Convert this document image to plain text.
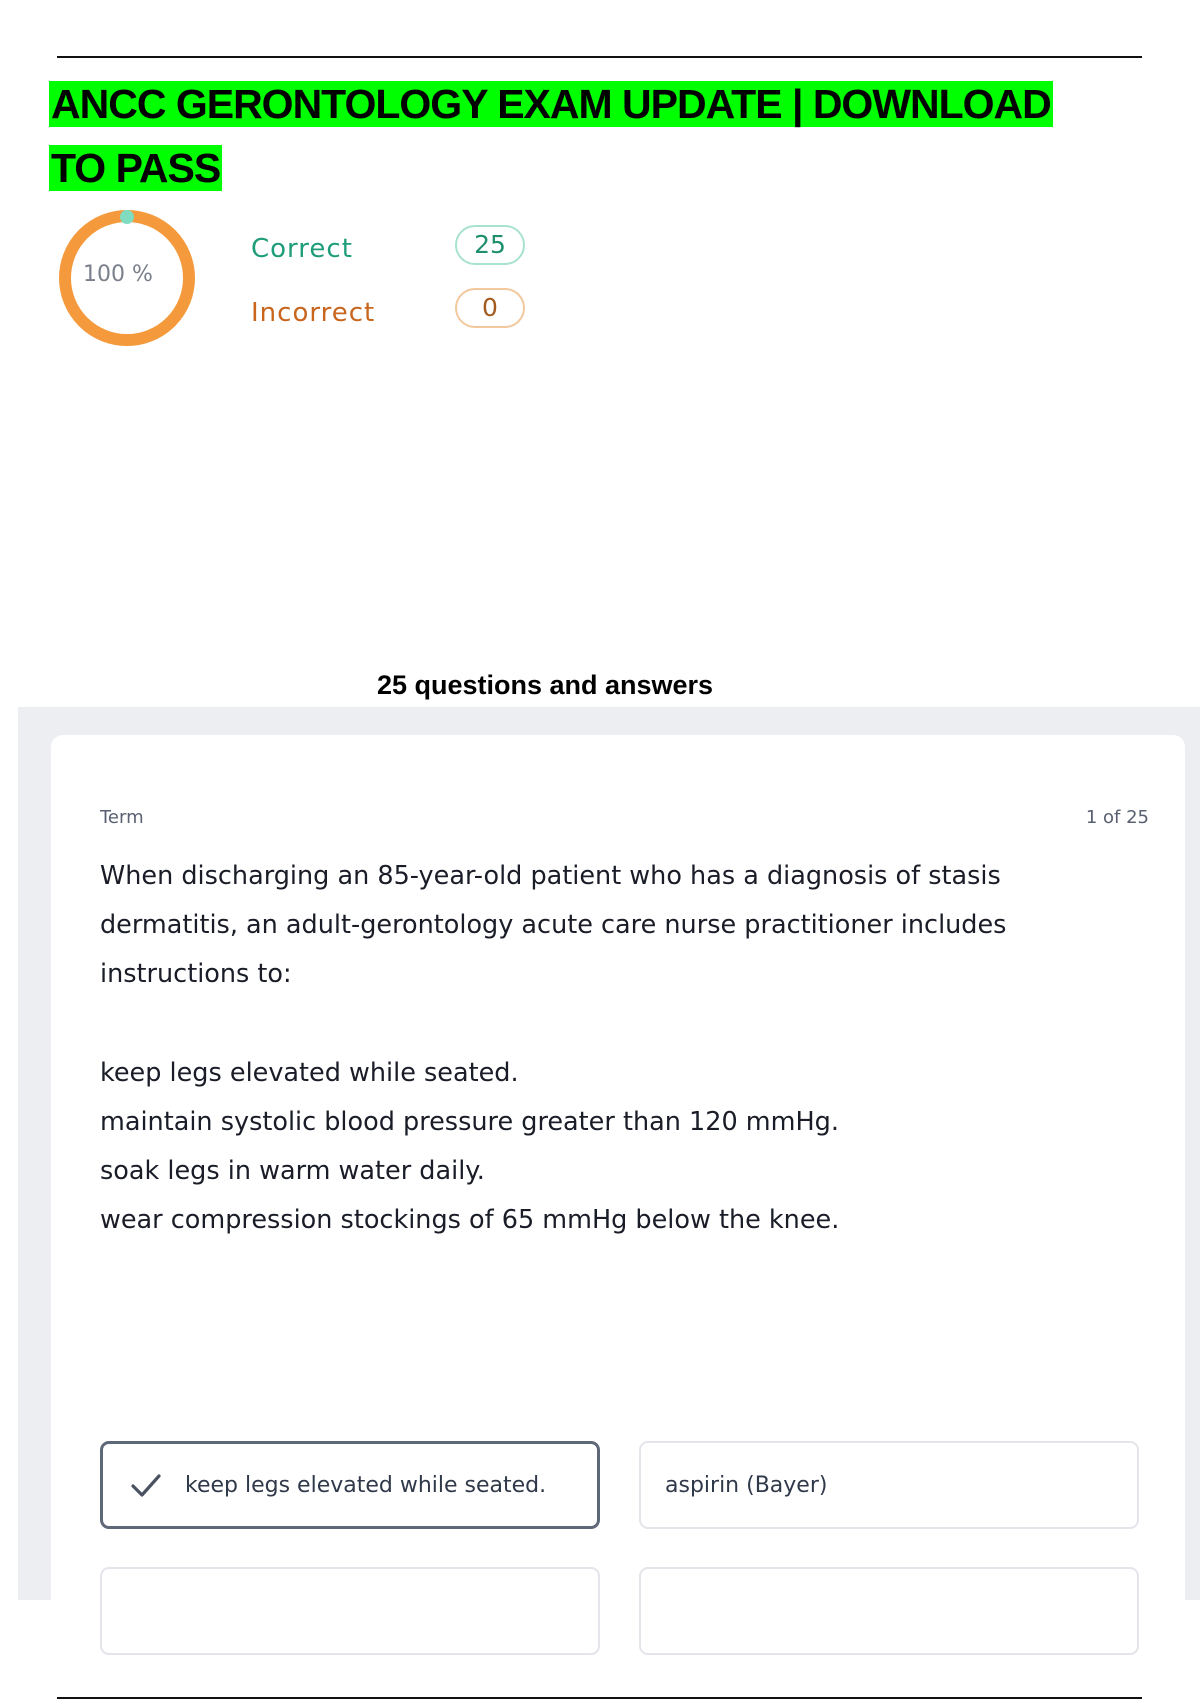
ANCC GERONTOLOGY EXAM UPDATE | DOWNLOAD TO PASS
100 %
Correct	25
Incorrect	0
25 questions and answers
Term	1 of 25

When discharging an 85-year-old patient who has a diagnosis of stasis dermatitis, an adult-gerontology acute care nurse practitioner includes instructions to:

keep legs elevated while seated.
maintain systolic blood pressure greater than 120 mmHg.
soak legs in warm water daily.
wear compression stockings of 65 mmHg below the knee.
keep legs elevated while seated.	aspirin (Bayer)
